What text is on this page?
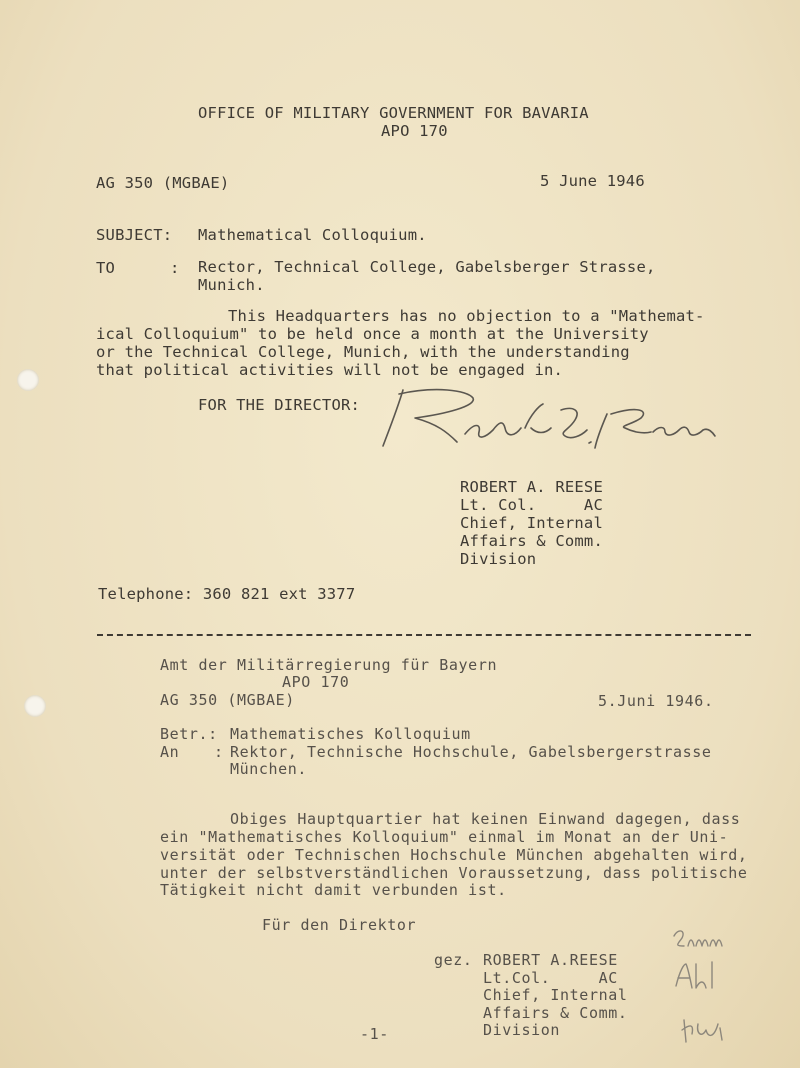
OFFICE OF MILITARY GOVERNMENT FOR BAVARIA
APO 170
AG 350 (MGBAE)	5 June 1946
SUBJECT: Mathematical Colloquium.
TO	: Rector, Technical College, Gabelsberger Strasse,
Munich.
This Headquarters has no objection to a "Mathemat-
ical Colloquium" to be held once a month at the University
or the Technical College, Munich, with the understanding
that political activities will not be engaged in.
FOR THE DIRECTOR:
ROBERT A. REESE
Lt. Col.     AC
Chief, Internal
Affairs & Comm.
Division
Telephone: 360 821 ext 3377
Amt der Militärregierung für Bayern
APO 170
AG 350 (MGBAE)	5.Juni 1946.
Betr.: Mathematisches Kolloquium
An : Rektor, Technische Hochschule, Gabelsbergerstrasse
München.
Obiges Hauptquartier hat keinen Einwand dagegen, dass
ein "Mathematisches Kolloquium" einmal im Monat an der Uni-
versität oder Technischen Hochschule München abgehalten wird,
unter der selbstverständlichen Voraussetzung, dass politische
Tätigkeit nicht damit verbunden ist.
Für den Direktor
gez. ROBERT A.REESE
Lt.Col.     AC
Chief, Internal
Affairs & Comm.
Division
-1-
